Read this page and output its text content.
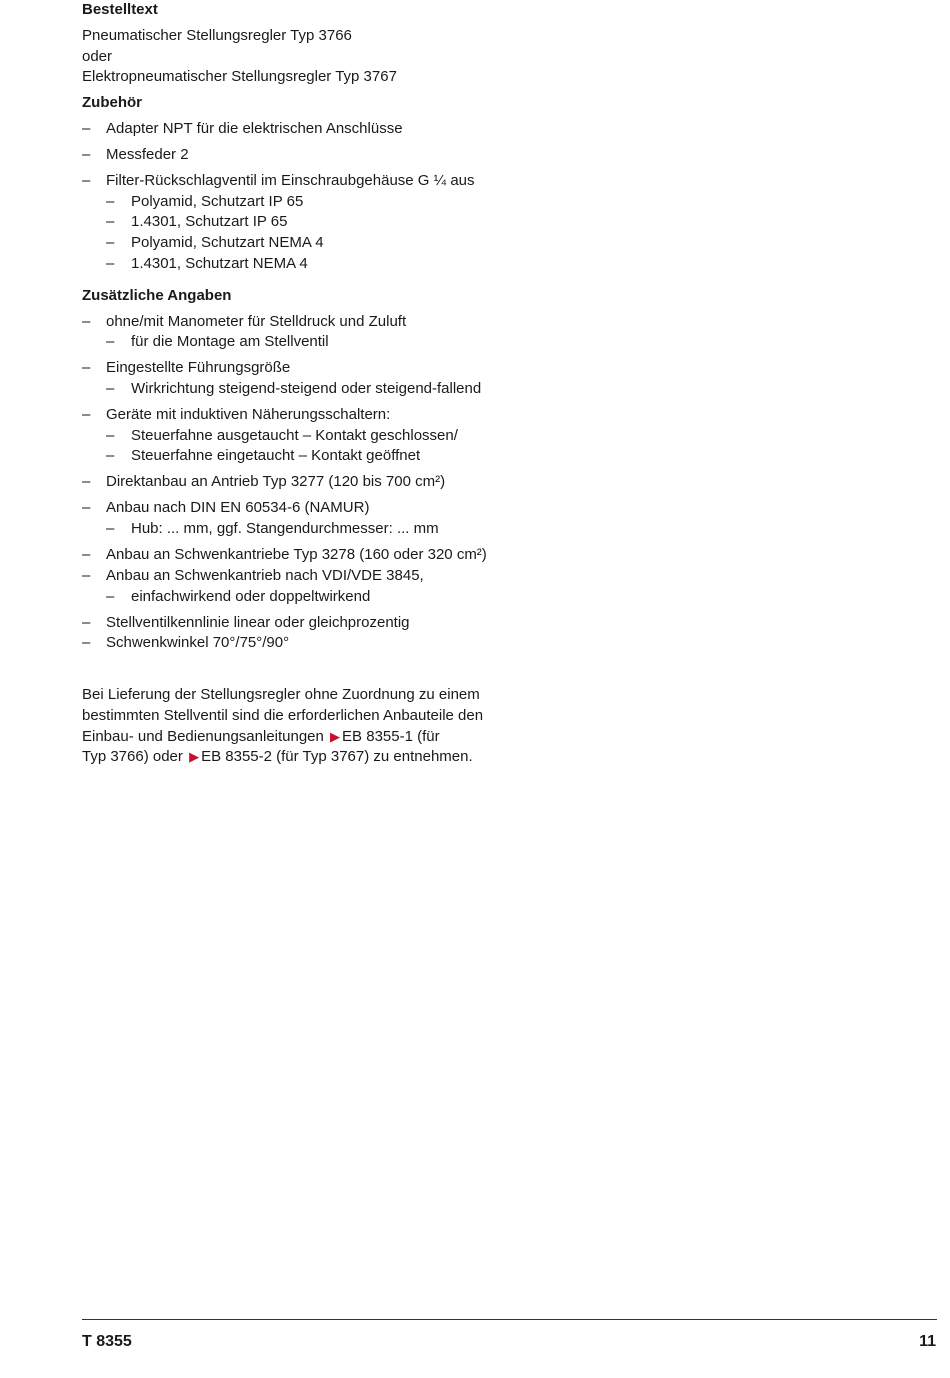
Bestelltext
Pneumatischer Stellungsregler Typ 3766
oder
Elektropneumatischer Stellungsregler Typ 3767
Zubehör
– Adapter NPT für die elektrischen Anschlüsse
– Messfeder 2
– Filter-Rückschlagventil im Einschraubgehäuse G ¼ aus
– Polyamid, Schutzart IP 65
– 1.4301, Schutzart IP 65
– Polyamid, Schutzart NEMA 4
– 1.4301, Schutzart NEMA 4
Zusätzliche Angaben
– ohne/mit Manometer für Stelldruck und Zuluft
– für die Montage am Stellventil
– Eingestellte Führungsgröße
– Wirkrichtung steigend-steigend oder steigend-fallend
– Geräte mit induktiven Näherungsschaltern:
– Steuerfahne ausgetaucht – Kontakt geschlossen/
– Steuerfahne eingetaucht – Kontakt geöffnet
– Direktanbau an Antrieb Typ 3277 (120 bis 700 cm²)
– Anbau nach DIN EN 60534-6 (NAMUR)
– Hub: ... mm, ggf. Stangendurchmesser: ... mm
– Anbau an Schwenkantriebe Typ 3278 (160 oder 320 cm²)
– Anbau an Schwenkantrieb nach VDI/VDE 3845,
– einfachwirkend oder doppeltwirkend
– Stellventilkennlinie linear oder gleichprozentig
– Schwenkwinkel 70°/75°/90°
Bei Lieferung der Stellungsregler ohne Zuordnung zu einem
bestimmten Stellventil sind die erforderlichen Anbauteile den
Einbau- und Bedienungsanleitungen ▶ EB 8355-1 (für
Typ 3766) oder ▶ EB 8355-2 (für Typ 3767) zu entnehmen.
T 8355	11
